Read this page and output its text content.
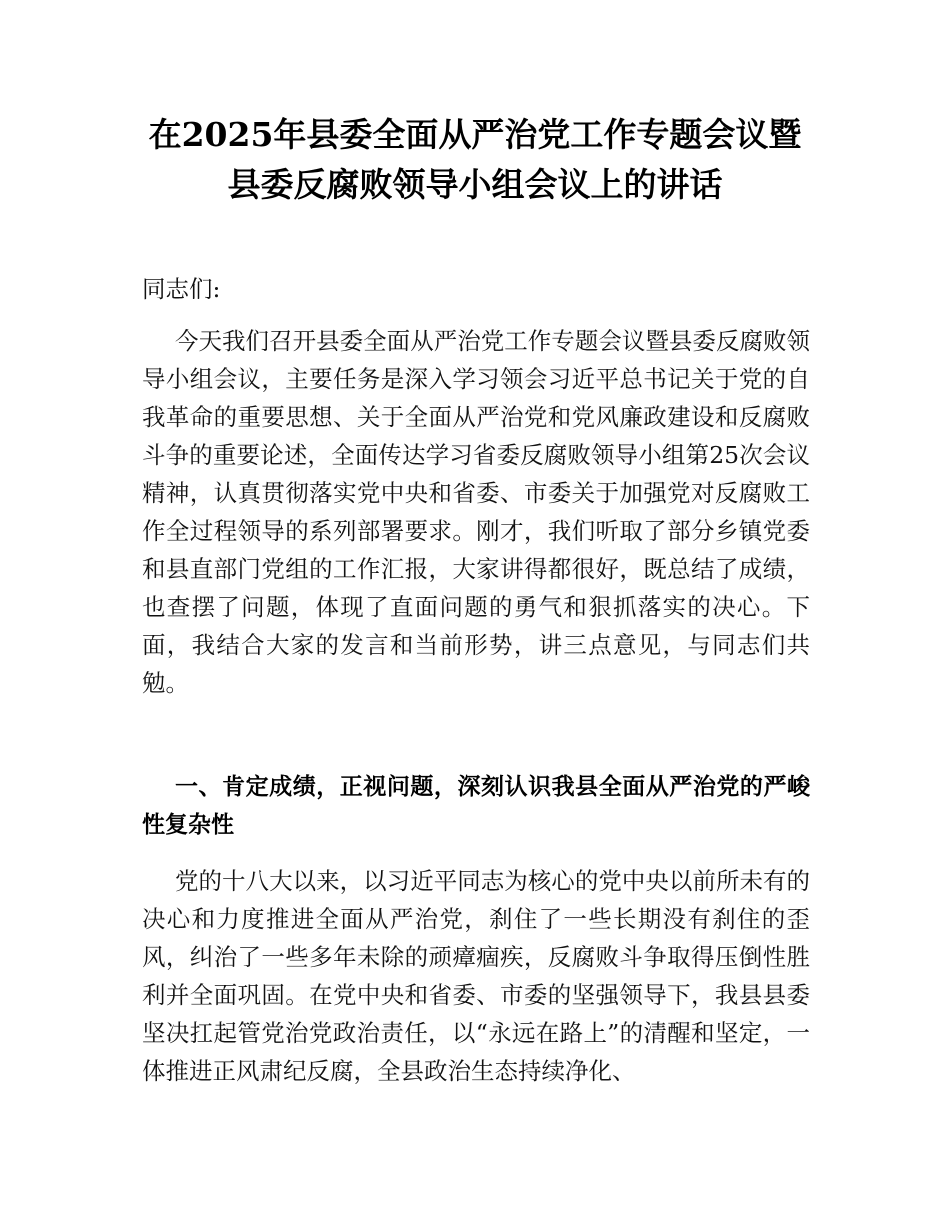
在2025年县委全面从严治党工作专题会议暨
县委反腐败领导小组会议上的讲话
同志们:
今天我们召开县委全面从严治党工作专题会议暨县委反腐败领导小组会议，主要任务是深入学习领会习近平总书记关于党的自我革命的重要思想、关于全面从严治党和党风廉政建设和反腐败斗争的重要论述，全面传达学习省委反腐败领导小组第25次会议精神，认真贯彻落实党中央和省委、市委关于加强党对反腐败工作全过程领导的系列部署要求。刚才，我们听取了部分乡镇党委和县直部门党组的工作汇报，大家讲得都很好，既总结了成绩，也查摆了问题，体现了直面问题的勇气和狠抓落实的决心。下面，我结合大家的发言和当前形势，讲三点意见，与同志们共勉。
一、肯定成绩，正视问题，深刻认识我县全面从严治党的严峻性复杂性
党的十八大以来，以习近平同志为核心的党中央以前所未有的决心和力度推进全面从严治党，刹住了一些长期没有刹住的歪风，纠治了一些多年未除的顽瘴痼疾，反腐败斗争取得压倒性胜利并全面巩固。在党中央和省委、市委的坚强领导下，我县县委坚决扛起管党治党政治责任，以“永远在路上”的清醒和坚定，一体推进正风肃纪反腐，全县政治生态持续净化、
